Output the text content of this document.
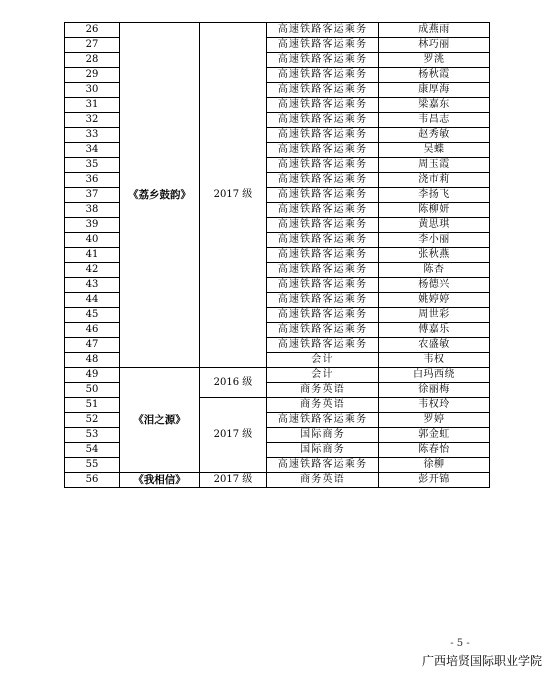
26	《荔乡鼓韵》	2017 级	高速铁路客运乘务	成燕雨
27			高速铁路客运乘务	林巧丽
28			高速铁路客运乘务	罗洮
29			高速铁路客运乘务	杨秋霞
30			高速铁路客运乘务	康厚海
31			高速铁路客运乘务	梁嘉东
32			高速铁路客运乘务	韦昌志
33			高速铁路客运乘务	赵秀敏
34			高速铁路客运乘务	吴蝶
35			高速铁路客运乘务	周玉霞
36			高速铁路客运乘务	浇市莉
37			高速铁路客运乘务	李扬飞
38			高速铁路客运乘务	陈柳妍
39			高速铁路客运乘务	黄思琪
40			高速铁路客运乘务	李小丽
41			高速铁路客运乘务	张秋燕
42			高速铁路客运乘务	陈杏
43			高速铁路客运乘务	杨德兴
44			高速铁路客运乘务	姚婷婷
45			高速铁路客运乘务	周世彩
46			高速铁路客运乘务	傅嘉乐
47			高速铁路客运乘务	农盛敏
48			会计	韦权
49	《泪之源》	2016 级	会计	白玛西绕
50			商务英语	徐丽梅
51		2017 级	商务英语	韦权玲
52			高速铁路客运乘务	罗婷
53			国际商务	郭金虹
54			国际商务	陈春怡
55			高速铁路客运乘务	徐柳
56	《我相信》	2017 级	商务英语	彭开锦
- 5 -
广西培贤国际职业学院
